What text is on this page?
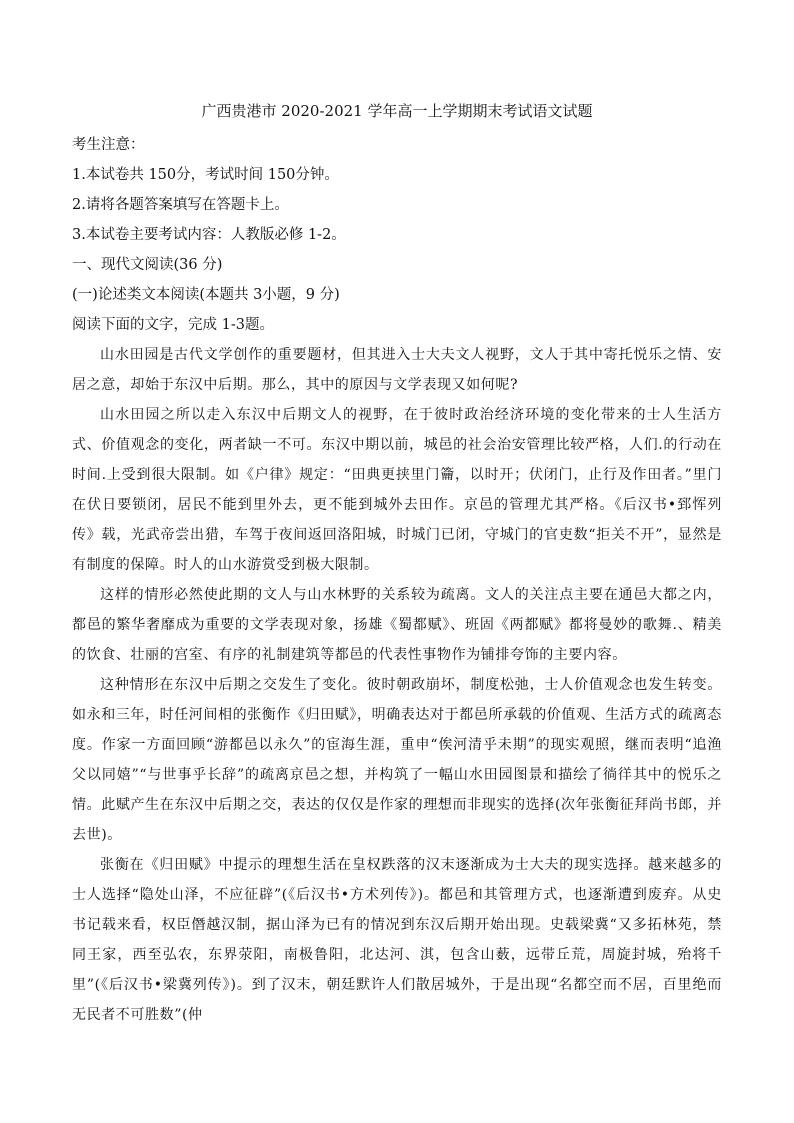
广西贵港市 2020-2021 学年高一上学期期末考试语文试题

考生注意：

1.本试卷共 150分，考试时间 150分钟。

2.请将各题答案填写在答题卡上。

3.本试卷主要考试内容：人教版必修 1-2。

一、现代文阅读(36 分)

(一)论述类文本阅读(本题共 3小题，9 分)

阅读下面的文字，完成 1-3题。

山水田园是古代文学创作的重要题材，但其进入士大夫文人视野，文人于其中寄托悦乐之情、安居之意，却始于东汉中后期。那么，其中的原因与文学表现又如何呢?

山水田园之所以走入东汉中后期文人的视野，在于彼时政治经济环境的变化带来的士人生活方式、价值观念的变化，两者缺一不可。东汉中期以前，城邑的社会治安管理比较严格，人们.的行动在时间.上受到很大限制。如《户律》规定：“田典更挟里门籥，以时开；伏闭门，止行及作田者。”里门在伏日要锁闭，居民不能到里外去，更不能到城外去田作。京邑的管理尤其严格。《后汉书•郅恽列传》载，光武帝尝出猎，车驾于夜间返回洛阳城，时城门已闭，守城门的官吏数“拒关不开”，显然是有制度的保障。时人的山水游赏受到极大限制。

这样的情形必然使此期的文人与山水林野的关系较为疏离。文人的关注点主要在通邑大都之内，都邑的繁华奢靡成为重要的文学表现对象，扬雄《蜀都赋》、班固《两都赋》都将曼妙的歌舞.、精美的饮食、壮丽的宫室、有序的礼制建筑等都邑的代表性事物作为铺排夸饰的主要内容。

这种情形在东汉中后期之交发生了变化。彼时朝政崩坏，制度松弛，士人价值观念也发生转变。如永和三年，时任河间相的张衡作《归田赋》，明确表达对于都邑所承载的价值观、生活方式的疏离态度。作家一方面回顾“游都邑以永久”的宦海生涯，重申“俟河清乎未期”的现实观照，继而表明“追渔父以同嬉”“与世事乎长辞”的疏离京邑之想，并构筑了一幅山水田园图景和描绘了徜徉其中的悦乐之情。此赋产生在东汉中后期之交，表达的仅仅是作家的理想而非现实的选择(次年张衡征拜尚书郎，并去世)。

张衡在《归田赋》中提示的理想生活在皇权跌落的汉末逐渐成为士大夫的现实选择。越来越多的士人选择“隐处山泽，不应征辟”(《后汉书•方术列传》)。都邑和其管理方式，也逐渐遭到废弃。从史书记载来看，权臣僭越汉制，据山泽为已有的情况到东汉后期开始出现。史载梁冀“又多拓林苑，禁同王家，西至弘农，东界荥阳，南极鲁阳，北达河、淇，包含山薮，远带丘荒，周旋封城，殆将千里”(《后汉书•梁冀列传》)。到了汉末，朝廷默许人们散居城外，于是出现“名都空而不居，百里绝而无民者不可胜数”(仲
